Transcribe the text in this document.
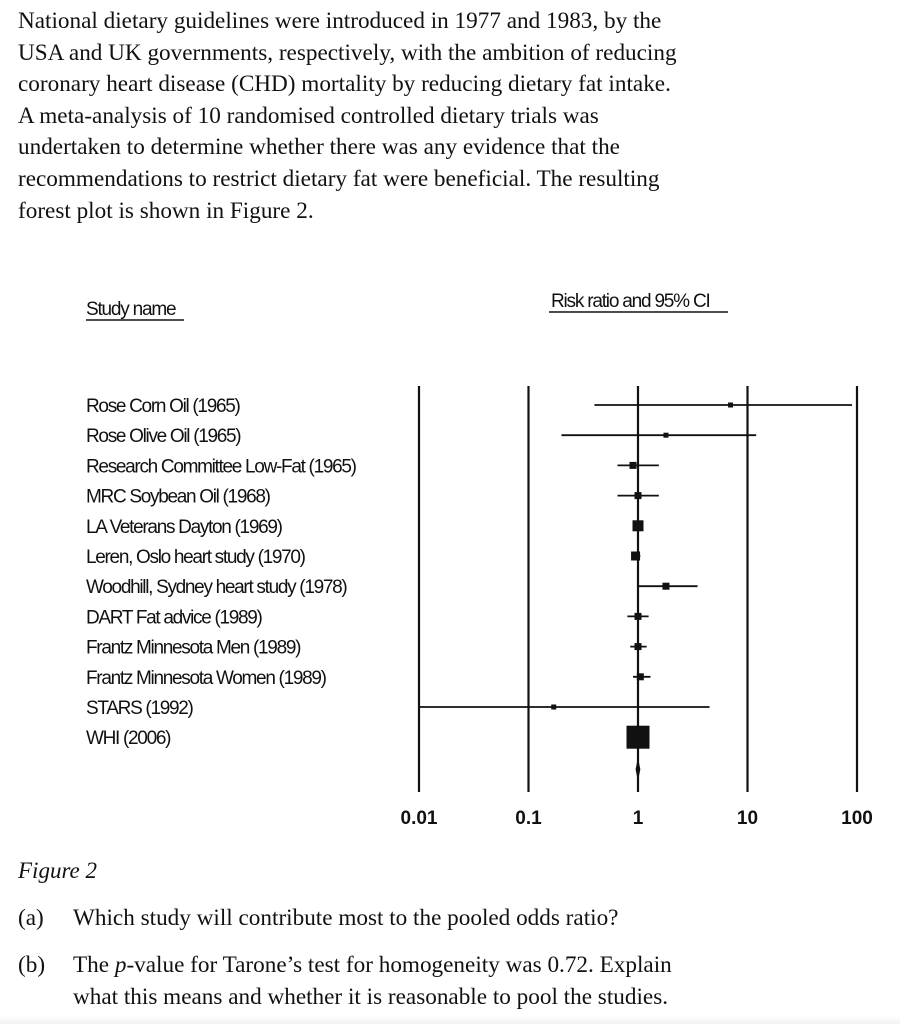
National dietary guidelines were introduced in 1977 and 1983, by the

USA and UK governments, respectively, with the ambition of reducing

coronary heart disease (CHD) mortality by reducing dietary fat intake.

A meta-analysis of 10 randomised controlled dietary trials was

undertaken to determine whether there was any evidence that the

recommendations to restrict dietary fat were beneficial. The resulting

forest plot is shown in Figure 2.

Study name	Risk ratio and 95% CI
Rose Corn Oil (1965)
Rose Olive Oil (1965)
Research Committee Low-Fat (1965)
MRC Soybean Oil (1968)
LA Veterans Dayton (1969)
Leren, Oslo heart study (1970)
Woodhill, Sydney heart study (1978)
DART Fat advice (1989)
Frantz Minnesota Men (1989)
Frantz Minnesota Women (1989)
STARS (1992)
WHI (2006)
0.01	0.1	1	10	100
Figure 2
(a) Which study will contribute most to the pooled odds ratio?
(b) The p-value for Tarone’s test for homogeneity was 0.72. Explain
what this means and whether it is reasonable to pool the studies.
